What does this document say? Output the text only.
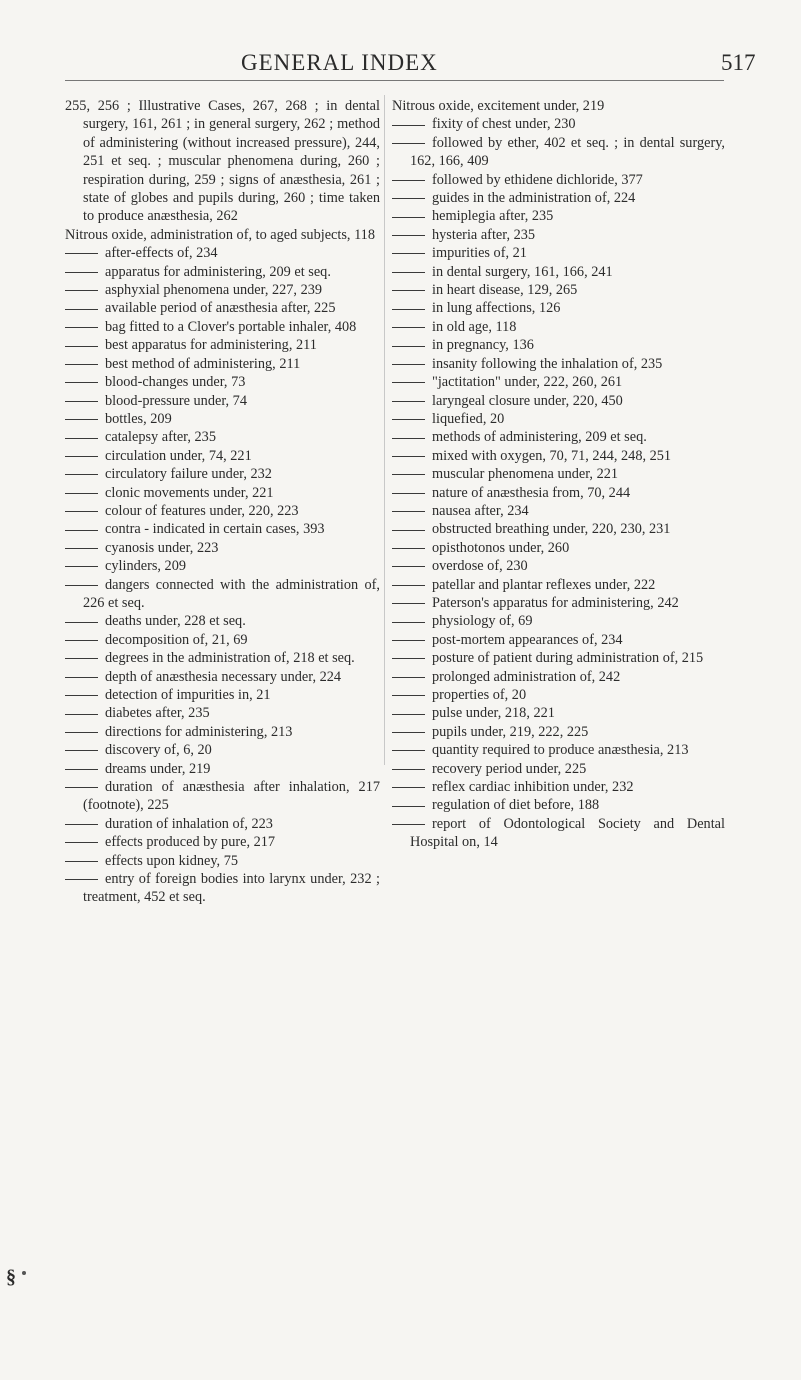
GENERAL INDEX	517
255, 256 ; Illustrative Cases, 267, 268 ; in dental surgery, 161, 261 ; in general surgery, 262 ; method of administering (without increased pressure), 244, 251 et seq. ; muscular phenomena during, 260 ; respiration during, 259 ; signs of anæsthesia, 261 ; state of globes and pupils during, 260 ; time taken to produce anæsthesia, 262
Nitrous oxide, administration of, to aged subjects, 118
after-effects of, 234
apparatus for administering, 209 et seq.
asphyxial phenomena under, 227, 239
available period of anæsthesia after, 225
bag fitted to a Clover's portable inhaler, 408
best apparatus for administering, 211
best method of administering, 211
blood-changes under, 73
blood-pressure under, 74
bottles, 209
catalepsy after, 235
circulation under, 74, 221
circulatory failure under, 232
clonic movements under, 221
colour of features under, 220, 223
contra - indicated in certain cases, 393
cyanosis under, 223
cylinders, 209
dangers connected with the administration of, 226 et seq.
deaths under, 228 et seq.
decomposition of, 21, 69
degrees in the administration of, 218 et seq.
depth of anæsthesia necessary under, 224
detection of impurities in, 21
diabetes after, 235
directions for administering, 213
discovery of, 6, 20
dreams under, 219
duration of anæsthesia after inhalation, 217 (footnote), 225
duration of inhalation of, 223
effects produced by pure, 217
effects upon kidney, 75
entry of foreign bodies into larynx under, 232 ; treatment, 452 et seq.
Nitrous oxide, excitement under, 219
fixity of chest under, 230
followed by ether, 402 et seq. ; in dental surgery, 162, 166, 409
followed by ethidene dichloride, 377
guides in the administration of, 224
hemiplegia after, 235
hysteria after, 235
impurities of, 21
in dental surgery, 161, 166, 241
in heart disease, 129, 265
in lung affections, 126
in old age, 118
in pregnancy, 136
insanity following the inhalation of, 235
"jactitation" under, 222, 260, 261
laryngeal closure under, 220, 450
liquefied, 20
methods of administering, 209 et seq.
mixed with oxygen, 70, 71, 244, 248, 251
muscular phenomena under, 221
nature of anæsthesia from, 70, 244
nausea after, 234
obstructed breathing under, 220, 230, 231
opisthotonos under, 260
overdose of, 230
patellar and plantar reflexes under, 222
Paterson's apparatus for administering, 242
physiology of, 69
post-mortem appearances of, 234
posture of patient during administration of, 215
prolonged administration of, 242
properties of, 20
pulse under, 218, 221
pupils under, 219, 222, 225
quantity required to produce anæsthesia, 213
recovery period under, 225
reflex cardiac inhibition under, 232
regulation of diet before, 188
report of Odontological Society and Dental Hospital on, 14
§
